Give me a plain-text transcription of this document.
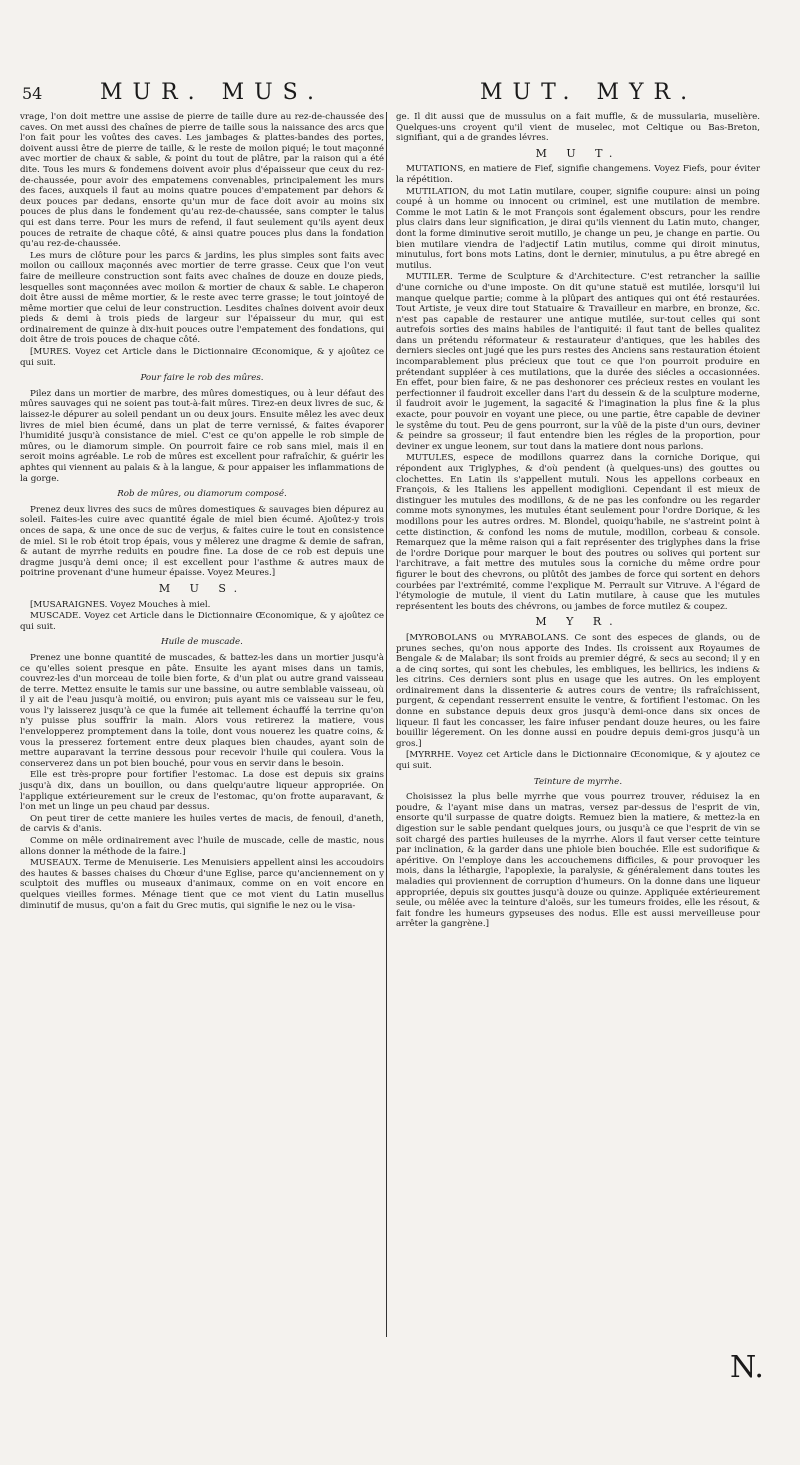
54	MUR. MUS.	MUT. MYR.

vrage, l'on doit mettre une assise de pierre de taille dure au rez-de-chaussée des caves. On met aussi des chaînes de pierre de taille sous la naissance des arcs que l'on fait pour les voûtes des caves. Les jambages & plattes-bandes des portes, doivent aussi être de pierre de taille, & le reste de moilon piqué; le tout maçonné avec mortier de chaux & sable, & point du tout de plâtre, par la raison qui a été dite. Tous les murs & fondemens doivent avoir plus d'épaisseur que ceux du rez-de-chaussée, pour avoir des empatemens convenables, principalement les murs des faces, auxquels il faut au moins quatre pouces d'empatement par dehors & deux pouces par dedans, ensorte qu'un mur de face doit avoir au moins six pouces de plus dans le fondement qu'au rez-de-chaussée, sans compter le talus qui est dans terre. Pour les murs de refend, il faut seulement qu'ils ayent deux pouces de retraite de chaque côté, & ainsi quatre pouces plus dans la fondation qu'au rez-de-chaussée.

Les murs de clôture pour les parcs & jardins, les plus simples sont faits avec moilon ou cailloux maçonnés avec mortier de terre grasse. Ceux que l'on veut faire de meilleure construction sont faits avec chaînes de douze en douze pieds, lesquelles sont maçonnées avec moilon & mortier de chaux & sable. Le chaperon doit être aussi de même mortier, & le reste avec terre grasse; le tout jointoyé de même mortier que celui de leur construction. Lesdites chaînes doivent avoir deux pieds & demi à trois pieds de largeur sur l'épaisseur du mur, qui est ordinairement de quinze à dix-huit pouces outre l'empatement des fondations, qui doit être de trois pouces de chaque côté.

[MURES. Voyez cet Article dans le Dictionnaire Œconomique, & y ajoûtez ce qui suit.

Pour faire le rob des mûres.

Pilez dans un mortier de marbre, des mûres domestiques, ou à leur défaut des mûres sauvages qui ne soient pas tout-à-fait mûres. Tirez-en deux livres de suc, & laissez-le dépurer au soleil pendant un ou deux jours. Ensuite mêlez les avec deux livres de miel bien écumé, dans un plat de terre vernissé, & faites évaporer l'humidité jusqu'à consistance de miel. C'est ce qu'on appelle le rob simple de mûres, ou le diamorum simple. On pourroit faire ce rob sans miel, mais il en seroit moins agréable. Le rob de mûres est excellent pour rafraîchir, & guérir les aphtes qui viennent au palais & à la langue, & pour appaiser les inflammations de la gorge.

Rob de mûres, ou diamorum composé.

Prenez deux livres des sucs de mûres domestiques & sauvages bien dépurez au soleil. Faites-les cuire avec quantité égale de miel bien écumé. Ajoûtez-y trois onces de sapa, & une once de suc de verjus, & faites cuire le tout en consistence de miel. Si le rob étoit trop épais, vous y mêlerez une dragme & demie de safran, & autant de myrrhe reduits en poudre fine. La dose de ce rob est depuis une dragme jusqu'à demi once; il est excellent pour l'asthme & autres maux de poitrine provenant d'une humeur épaisse. Voyez Meures.]

M U S.

[MUSARAIGNES. Voyez Mouches à miel.

MUSCADE. Voyez cet Article dans le Dictionnaire Œconomique, & y ajoûtez ce qui suit.

Huile de muscade.

Prenez une bonne quantité de muscades, & battez-les dans un mortier jusqu'à ce qu'elles soient presque en pâte. Ensuite les ayant mises dans un tamis, couvrez-les d'un morceau de toile bien forte, & d'un plat ou autre grand vaisseau de terre. Mettez ensuite le tamis sur une bassine, ou autre semblable vaisseau, où il y ait de l'eau jusqu'à moitié, ou environ; puis ayant mis ce vaisseau sur le feu, vous l'y laisserez jusqu'à ce que la fumée ait tellement échauffé la terrine qu'on n'y puisse plus souffrir la main. Alors vous retirerez la matiere, vous l'envelopperez promptement dans la toile, dont vous nouerez les quatre coins, & vous la presserez fortement entre deux plaques bien chaudes, ayant soin de mettre auparavant la terrine dessous pour recevoir l'huile qui coulera. Vous la conserverez dans un pot bien bouché, pour vous en servir dans le besoin.

Elle est très-propre pour fortifier l'estomac. La dose est depuis six grains jusqu'à dix, dans un bouillon, ou dans quelqu'autre liqueur appropriée. On l'applique extérieurement sur le creux de l'estomac, qu'on frotte auparavant, & l'on met un linge un peu chaud par dessus.

On peut tirer de cette maniere les huiles vertes de macis, de fenouil, d'aneth, de carvis & d'anis.

Comme on mêle ordinairement avec l'huile de muscade, celle de mastic, nous allons donner la méthode de la faire.]

MUSEAUX. Terme de Menuiserie. Les Menuisiers appellent ainsi les accoudoirs des hautes & basses chaises du Chœur d'une Eglise, parce qu'anciennement on y sculptoit des muffles ou museaux d'animaux, comme on en voit encore en quelques vieilles formes. Ménage tient que ce mot vient du Latin musellus diminutif de musus, qu'on a fait du Grec mutis, qui signifie le nez ou le visa-

ge. Il dit aussi que de mussulus on a fait muffle, & de mussularia, muselière. Quelques-uns croyent qu'il vient de muselec, mot Celtique ou Bas-Breton, signifiant, qui a de grandes lévres.

M U T.

MUTATIONS, en matiere de Fief, signifie changemens. Voyez Fiefs, pour éviter la répétition.

MUTILATION, du mot Latin mutilare, couper, signifie coupure: ainsi un poing coupé à un homme ou innocent ou criminel, est une mutilation de membre. Comme le mot Latin & le mot François sont également obscurs, pour les rendre plus clairs dans leur signification, je dirai qu'ils viennent du Latin muto, changer, dont la forme diminutive seroit mutillo, je change un peu, je change en partie. Ou bien mutilare viendra de l'adjectif Latin mutilus, comme qui diroit minutus, minutulus, fort bons mots Latins, dont le dernier, minutulus, a pu être abregé en mutilus.

MUTILER. Terme de Sculpture & d'Architecture. C'est retrancher la saillie d'une corniche ou d'une imposte. On dit qu'une statuë est mutilée, lorsqu'il lui manque quelque partie; comme à la plûpart des antiques qui ont été restaurées. Tout Artiste, je veux dire tout Statuaire & Travailleur en marbre, en bronze, &c. n'est pas capable de restaurer une antique mutilée, sur-tout celles qui sont autrefois sorties des mains habiles de l'antiquité: il faut tant de belles qualitez dans un prétendu réformateur & restaurateur d'antiques, que les habiles des derniers siecles ont jugé que les purs restes des Anciens sans restauration étoient incomparablement plus précieux que tout ce que l'on pourroit produire en prétendant suppléer à ces mutilations, que la durée des siécles a occasionnées. En effet, pour bien faire, & ne pas deshonorer ces précieux restes en voulant les perfectionner il faudroit exceller dans l'art du dessein & de la sculpture moderne, il faudroit avoir le jugement, la sagacité & l'imagination la plus fine & la plus exacte, pour pouvoir en voyant une piece, ou une partie, être capable de deviner le systême du tout. Peu de gens pourront, sur la vûë de la piste d'un ours, deviner & peindre sa grosseur; il faut entendre bien les régles de la proportion, pour deviner ex ungue leonem, sur tout dans la matiere dont nous parlons.

MUTULES, espece de modillons quarrez dans la corniche Dorique, qui répondent aux Triglyphes, & d'où pendent (à quelques-uns) des gouttes ou clochettes. En Latin ils s'appellent mutuli. Nous les appellons corbeaux en François, & les Italiens les appellent modiglioni. Cependant il est mieux de distinguer les mutules des modillons, & de ne pas les confondre ou les regarder comme mots synonymes, les mutules étant seulement pour l'ordre Dorique, & les modillons pour les autres ordres. M. Blondel, quoiqu'habile, ne s'astreint point à cette distinction, & confond les noms de mutule, modillon, corbeau & console. Remarquez que la même raison qui a fait représenter des triglyphes dans la frise de l'ordre Dorique pour marquer le bout des poutres ou solives qui portent sur l'architrave, a fait mettre des mutules sous la corniche du même ordre pour figurer le bout des chevrons, ou plûtôt des jambes de force qui sortent en dehors courbées par l'extrémité, comme l'explique M. Perrault sur Vitruve. A l'égard de l'étymologie de mutule, il vient du Latin mutilare, à cause que les mutules représentent les bouts des chévrons, ou jambes de force mutilez & coupez.

M Y R.

[MYROBOLANS ou MYRABOLANS. Ce sont des especes de glands, ou de prunes seches, qu'on nous apporte des Indes. Ils croissent aux Royaumes de Bengale & de Malabar; ils sont froids au premier dégré, & secs au second; il y en a de cinq sortes, qui sont les chebules, les embliques, les bellirics, les indiens & les citrins. Ces derniers sont plus en usage que les autres. On les employent ordinairement dans la dissenterie & autres cours de ventre; ils rafraîchissent, purgent, & cependant resserrent ensuite le ventre, & fortifient l'estomac. On les donne en substance depuis deux gros jusqu'à demi-once dans six onces de liqueur. Il faut les concasser, les faire infuser pendant douze heures, ou les faire bouillir légerement. On les donne aussi en poudre depuis demi-gros jusqu'à un gros.]

[MYRRHE. Voyez cet Article dans le Dictionnaire Œconomique, & y ajoutez ce qui suit.

Teinture de myrrhe.

Choisissez la plus belle myrrhe que vous pourrez trouver, réduisez la en poudre, & l'ayant mise dans un matras, versez par-dessus de l'esprit de vin, ensorte qu'il surpasse de quatre doigts. Remuez bien la matiere, & mettez-la en digestion sur le sable pendant quelques jours, ou jusqu'à ce que l'esprit de vin se soit chargé des parties huileuses de la myrrhe. Alors il faut verser cette teinture par inclination, & la garder dans une phiole bien bouchée. Elle est sudorifique & apéritive. On l'employe dans les accouchemens difficiles, & pour provoquer les mois, dans la léthargie, l'apoplexie, la paralysie, & généralement dans toutes les maladies qui proviennent de corruption d'humeurs. On la donne dans une liqueur appropriée, depuis six gouttes jusqu'à douze ou quinze. Appliquée extérieurement seule, ou mêlée avec la teinture d'aloës, sur les tumeurs froides, elle les résout, & fait fondre les humeurs gypseuses des nodus. Elle est aussi merveilleuse pour arrêter la gangrène.]

N.
